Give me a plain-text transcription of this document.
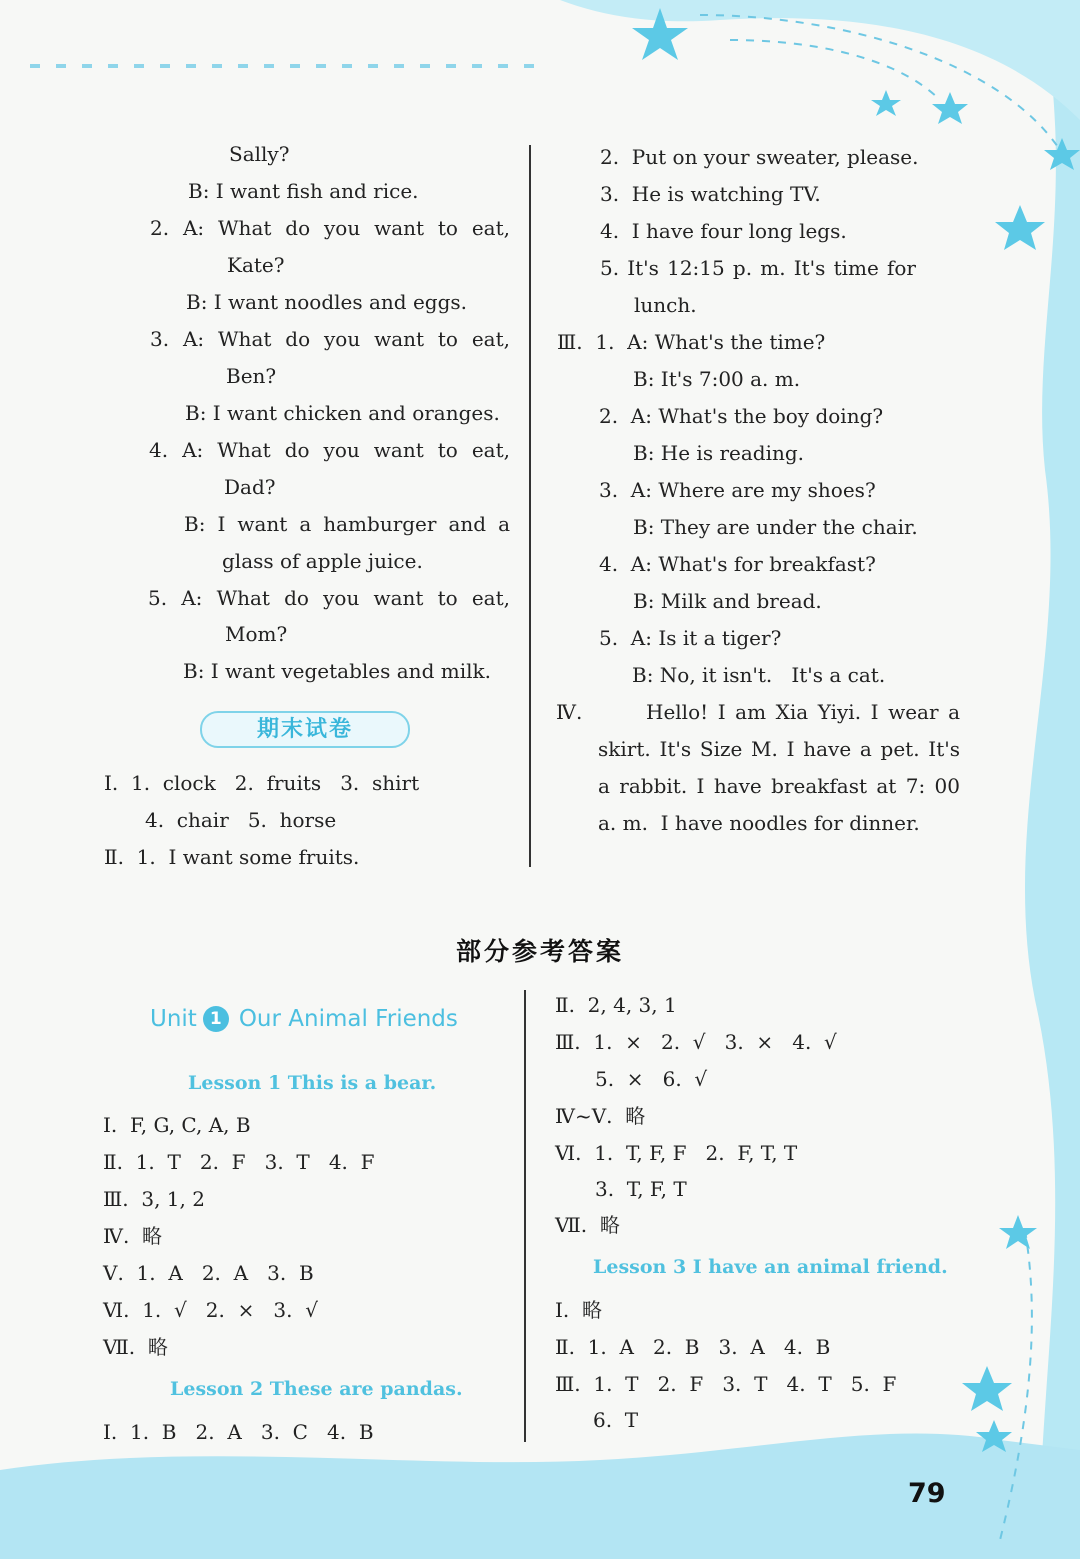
Sally?
B: I want fish and rice.
2. A: What do you want to eat,
Kate?
B: I want noodles and eggs.
3. A: What do you want to eat,
Ben?
B: I want chicken and oranges.
4. A: What do you want to eat,
Dad?
B: I want a hamburger and a
glass of apple juice.
5. A: What do you want to eat,
Mom?
B: I want vegetables and milk.
期末试卷
Ⅰ.  1.  clock   2.  fruits   3.  shirt
4.  chair   5.  horse
Ⅱ.  1.  I want some fruits.
2.  Put on your sweater, please.
3.  He is watching TV.
4.  I have four long legs.
5. It's 12:15 p. m. It's time for
lunch.
Ⅲ.  1.  A: What's the time?
B: It's 7:00 a. m.
2.  A: What's the boy doing?
B: He is reading.
3.  A: Where are my shoes?
B: They are under the chair.
4.  A: What's for breakfast?
B: Milk and bread.
5.  A: Is it a tiger?
B: No, it isn't.   It's a cat.
Ⅳ.	Hello! I am Xia Yiyi. I wear a
skirt. It's Size M. I have a pet. It's
a rabbit. I have breakfast at 7: 00
a. m.  I have noodles for dinner.
部分参考答案
Unit 1 Our Animal Friends
Lesson 1 This is a bear.
Ⅰ.  F, G, C, A, B
Ⅱ.  1.  T   2.  F   3.  T   4.  F
Ⅲ.  3, 1, 2
Ⅳ.  略
Ⅴ.  1.  A   2.  A   3.  B
Ⅵ.  1.  √   2.  ×   3.  √
Ⅶ.  略
Lesson 2 These are pandas.
Ⅰ.  1.  B   2.  A   3.  C   4.  B
Ⅱ.  2, 4, 3, 1
Ⅲ.  1.  ×   2.  √   3.  ×   4.  √
5.  ×   6.  √
Ⅳ~Ⅴ.  略
Ⅵ.  1.  T, F, F   2.  F, T, T
3.  T, F, T
Ⅶ.  略
Lesson 3 I have an animal friend.
Ⅰ.  略
Ⅱ.  1.  A   2.  B   3.  A   4.  B
Ⅲ.  1.  T   2.  F   3.  T   4.  T   5.  F
6.  T
79
